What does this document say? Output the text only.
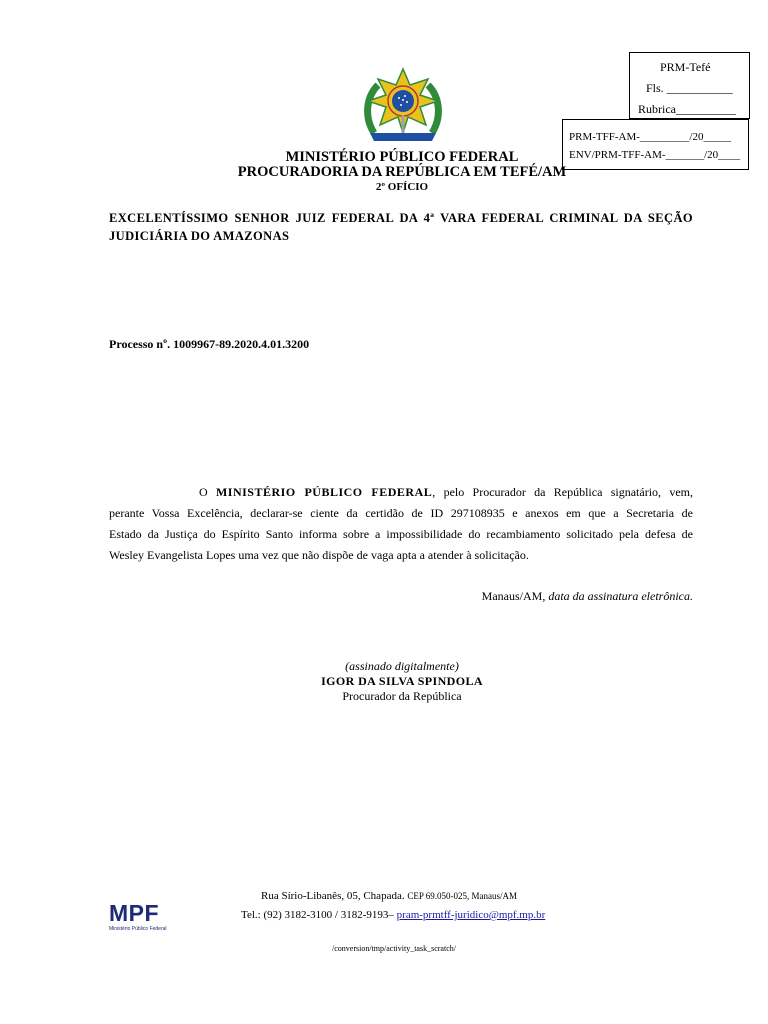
PRM-Tefé
Fls. ___________
Rubrica__________
PRM-TFF-AM-_________/20_____
ENV/PRM-TFF-AM-_______/20____
MINISTÉRIO PÚBLICO FEDERAL
PROCURADORIA DA REPÚBLICA EM TEFÉ/AM
2º OFÍCIO
EXCELENTÍSSIMO SENHOR JUIZ FEDERAL DA 4ª VARA FEDERAL CRIMINAL DA SEÇÃO
JUDICIÁRIA DO AMAZONAS
Processo nº. 1009967-89.2020.4.01.3200
O MINISTÉRIO PÚBLICO FEDERAL, pelo Procurador da República signatário, vem,
perante Vossa Excelência, declarar-se ciente da certidão de ID 297108935 e anexos em que a Secretaria de
Estado da Justiça do Espírito Santo informa sobre a impossibilidade do recambiamento solicitado pela defesa de
Wesley Evangelista Lopes uma vez que não dispõe de vaga apta a atender à solicitação.
Manaus/AM, data da assinatura eletrônica.
(assinado digitalmente)
IGOR DA SILVA SPINDOLA
Procurador da República
MPF
Ministério Público Federal
Rua Sírio-Libanês, 05, Chapada. CEP 69.050-025, Manaus/AM
Tel.: (92) 3182-3100 / 3182-9193– pram-prmtff-juridico@mpf.mp.br
/conversion/tmp/activity_task_scratch/
